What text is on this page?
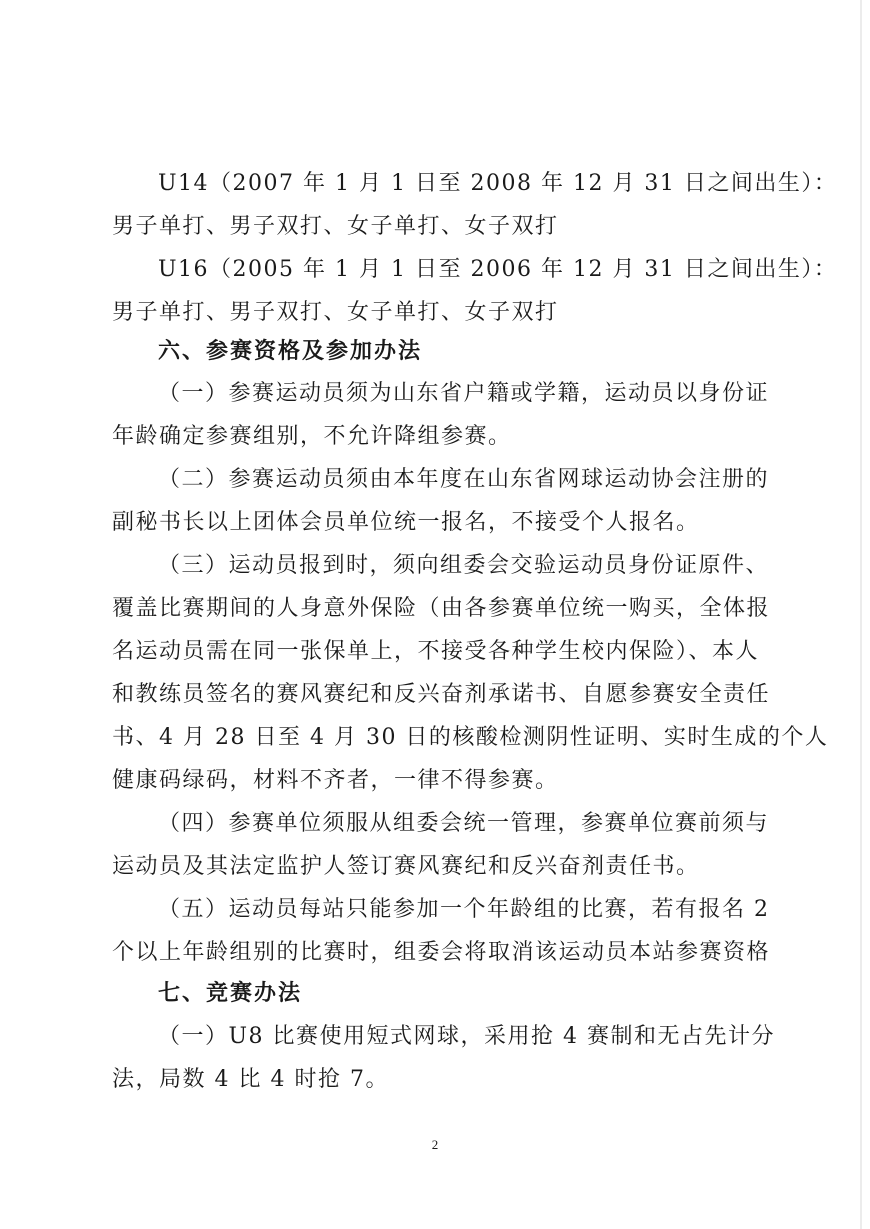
U14（2007 年 1 月 1 日至 2008 年 12 月 31 日之间出生）：
男子单打、男子双打、女子单打、女子双打
U16（2005 年 1 月 1 日至 2006 年 12 月 31 日之间出生）：
男子单打、男子双打、女子单打、女子双打
六、参赛资格及参加办法
（一）参赛运动员须为山东省户籍或学籍，运动员以身份证
年龄确定参赛组别，不允许降组参赛。
（二）参赛运动员须由本年度在山东省网球运动协会注册的
副秘书长以上团体会员单位统一报名，不接受个人报名。
（三）运动员报到时，须向组委会交验运动员身份证原件、
覆盖比赛期间的人身意外保险（由各参赛单位统一购买，全体报
名运动员需在同一张保单上，不接受各种学生校内保险）、本人
和教练员签名的赛风赛纪和反兴奋剂承诺书、自愿参赛安全责任
书、4 月 28 日至 4 月 30 日的核酸检测阴性证明、实时生成的个人
健康码绿码，材料不齐者，一律不得参赛。
（四）参赛单位须服从组委会统一管理，参赛单位赛前须与
运动员及其法定监护人签订赛风赛纪和反兴奋剂责任书。
（五）运动员每站只能参加一个年龄组的比赛，若有报名 2
个以上年龄组别的比赛时，组委会将取消该运动员本站参赛资格
七、竞赛办法
（一）U8 比赛使用短式网球，采用抢 4 赛制和无占先计分
法，局数 4 比 4 时抢 7。
2
